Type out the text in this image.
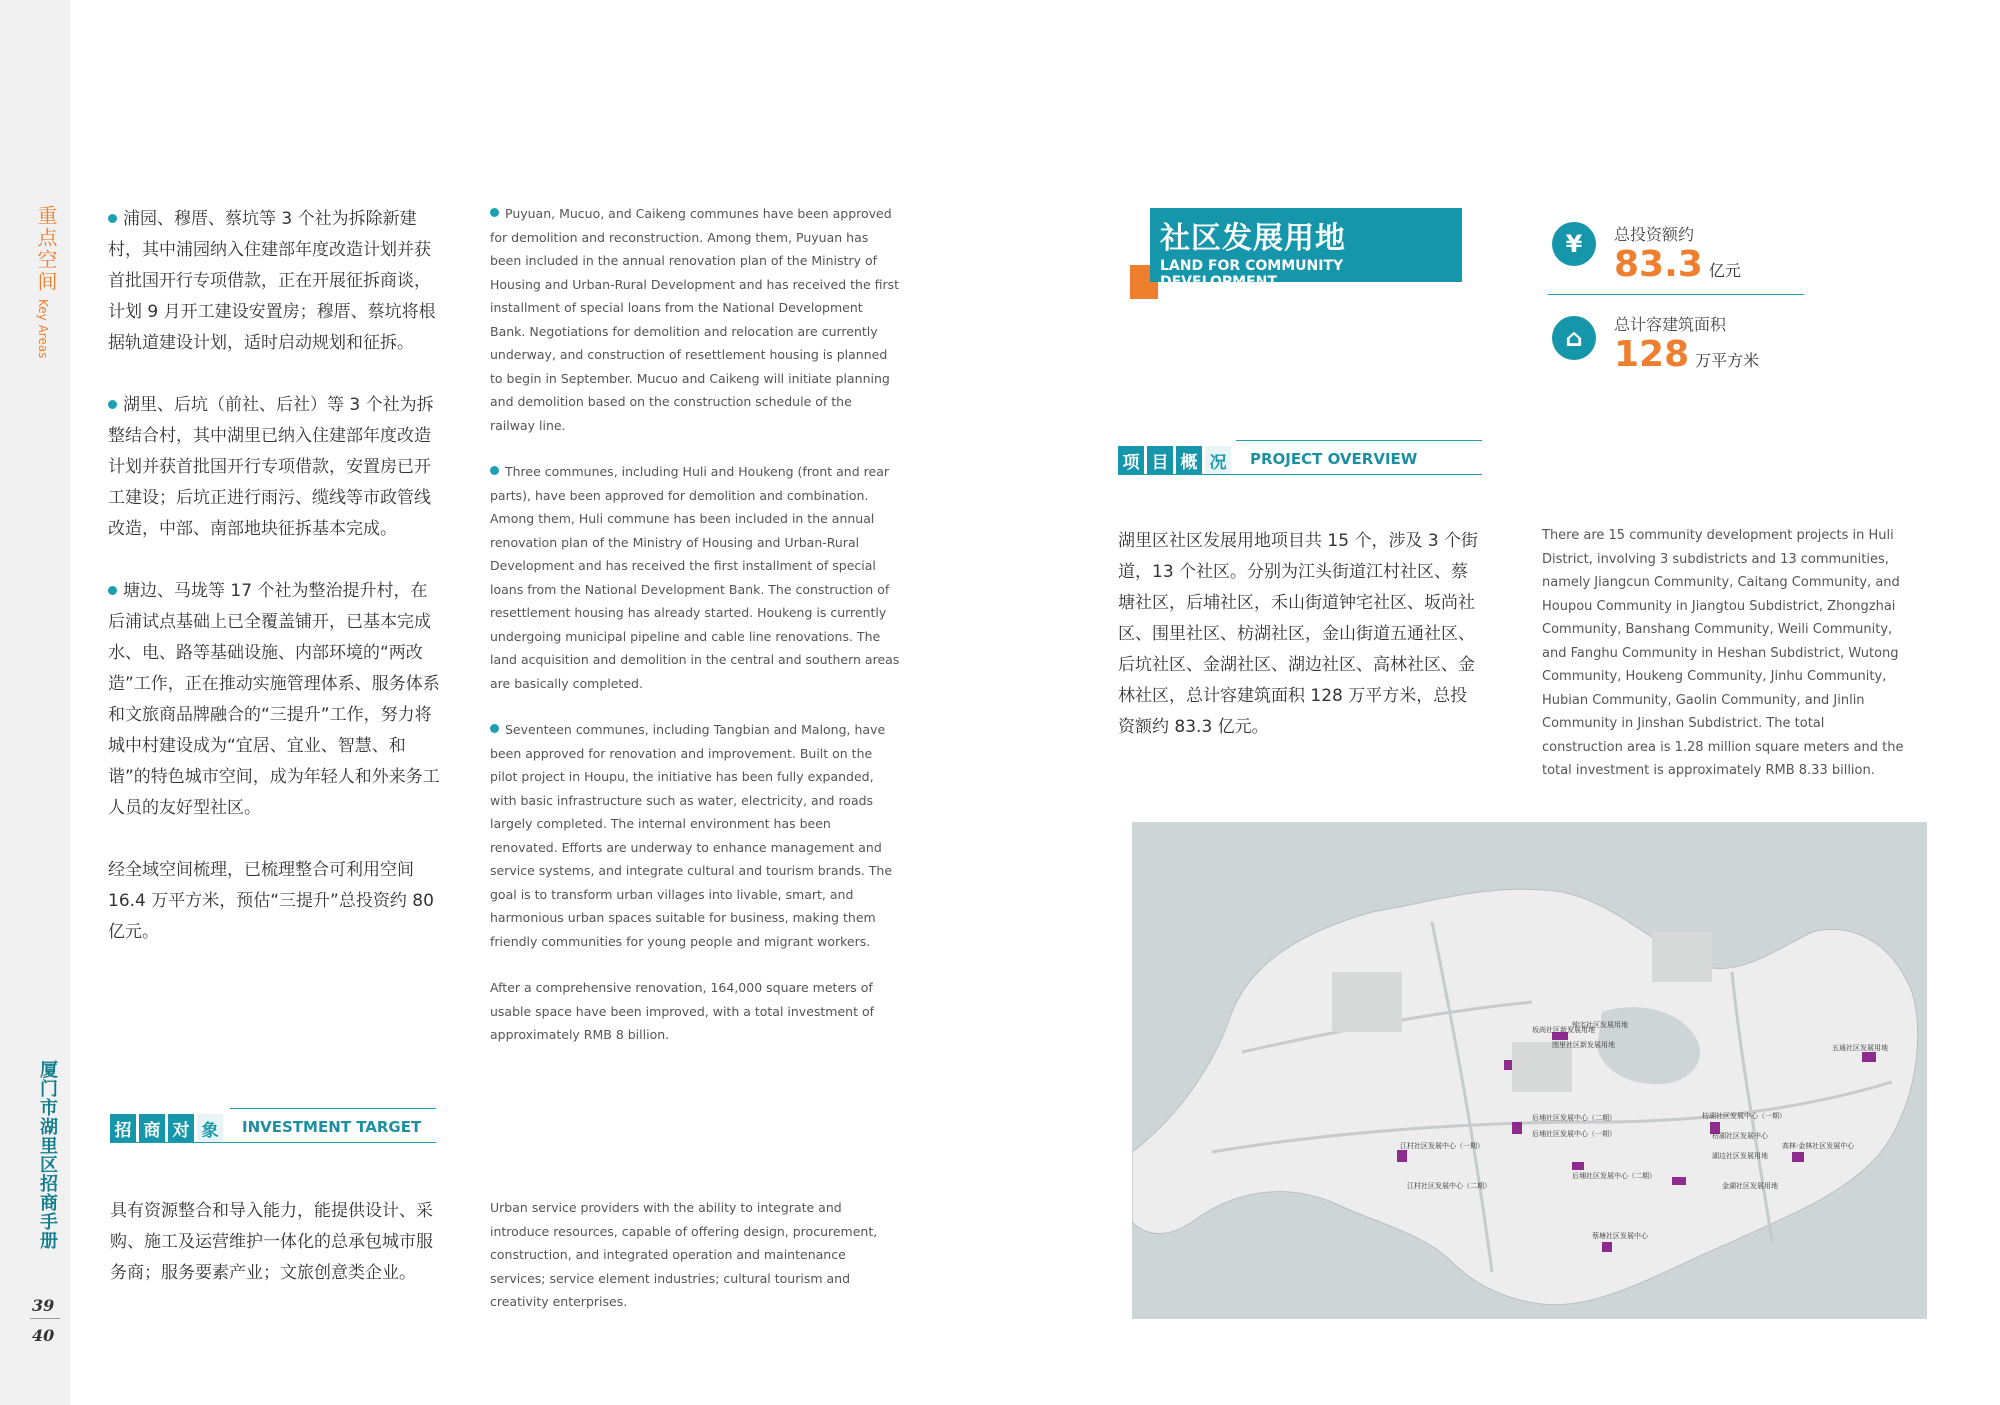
重点空间
Key Areas
厦门市湖里区招商手册
39
40

浦园、穆厝、蔡坑等 3 个社为拆除新建村，其中浦园纳入住建部年度改造计划并获首批国开行专项借款，正在开展征拆商谈，计划 9 月开工建设安置房；穆厝、蔡坑将根据轨道建设计划，适时启动规划和征拆。

湖里、后坑（前社、后社）等 3 个社为拆整结合村，其中湖里已纳入住建部年度改造计划并获首批国开行专项借款，安置房已开工建设；后坑正进行雨污、缆线等市政管线改造，中部、南部地块征拆基本完成。

塘边、马垅等 17 个社为整治提升村，在后浦试点基础上已全覆盖铺开，已基本完成水、电、路等基础设施、内部环境的“两改造”工作，正在推动实施管理体系、服务体系和文旅商品牌融合的“三提升”工作，努力将城中村建设成为“宜居、宜业、智慧、和谐”的特色城市空间，成为年轻人和外来务工人员的友好型社区。

经全域空间梳理，已梳理整合可利用空间 16.4 万平方米，预估“三提升”总投资约 80 亿元。

Puyuan, Mucuo, and Caikeng communes have been approved for demolition and reconstruction. Among them, Puyuan has been included in the annual renovation plan of the Ministry of Housing and Urban-Rural Development and has received the first installment of special loans from the National Development Bank. Negotiations for demolition and relocation are currently underway, and construction of resettlement housing is planned to begin in September. Mucuo and Caikeng will initiate planning and demolition based on the construction schedule of the railway line.

Three communes, including Huli and Houkeng (front and rear parts), have been approved for demolition and combination. Among them, Huli commune has been included in the annual renovation plan of the Ministry of Housing and Urban-Rural Development and has received the first installment of special loans from the National Development Bank. The construction of resettlement housing has already started. Houkeng is currently undergoing municipal pipeline and cable line renovations. The land acquisition and demolition in the central and southern areas are basically completed.

Seventeen communes, including Tangbian and Malong, have been approved for renovation and improvement. Built on the pilot project in Houpu, the initiative has been fully expanded, with basic infrastructure such as water, electricity, and roads largely completed. The internal environment has been renovated. Efforts are underway to enhance management and service systems, and integrate cultural and tourism brands. The goal is to transform urban villages into livable, smart, and harmonious urban spaces suitable for business, making them friendly communities for young people and migrant workers.

After a comprehensive renovation, 164,000 square meters of usable space have been improved, with a total investment of approximately RMB 8 billion.

招 商 对 象	INVESTMENT TARGET

具有资源整合和导入能力，能提供设计、采购、施工及运营维护一体化的总承包城市服务商；服务要素产业；文旅创意类企业。

Urban service providers with the ability to integrate and introduce resources, capable of offering design, procurement, construction, and integrated operation and maintenance services; service element industries; cultural tourism and creativity enterprises.

社区发展用地
LAND FOR COMMUNITY DEVELOPMENT
¥	总投资额约
83.3 亿元
⌂	总计容建筑面积
128 万平方米
项 目 概 况	PROJECT OVERVIEW

湖里区社区发展用地项目共 15 个，涉及 3 个街道，13 个社区。分别为江头街道江村社区、蔡塘社区，后埔社区，禾山街道钟宅社区、坂尚社区、围里社区、枋湖社区，金山街道五通社区、后坑社区、金湖社区、湖边社区、高林社区、金林社区，总计容建筑面积 128 万平方米，总投资额约 83.3 亿元。

There are 15 community development projects in Huli District, involving 3 subdistricts and 13 communities, namely Jiangcun Community, Caitang Community, and Houpou Community in Jiangtou Subdistrict, Zhongzhai Community, Banshang Community, Weili Community, and Fanghu Community in Heshan Subdistrict, Wutong Community, Houkeng Community, Jinhu Community, Hubian Community, Gaolin Community, and Jinlin Community in Jinshan Subdistrict. The total construction area is 1.28 million square meters and the total investment is approximately RMB 8.33 billion.

钟宅社区发展用地 坂尚社区新发展用地 围里社区新发展用地	五通社区发展用地 枋湖社区发展中心（一期） 后埔社区发展中心（二期） 后埔社区发展中心（一期）	枋湖社区发展中心 湖边社区发展用地 高林·金林社区发展中心 江村社区发展中心（一期） 江村社区发展中心（二期） 后埔社区发展中心（二期） 金湖社区发展用地 蔡塘社区发展中心
